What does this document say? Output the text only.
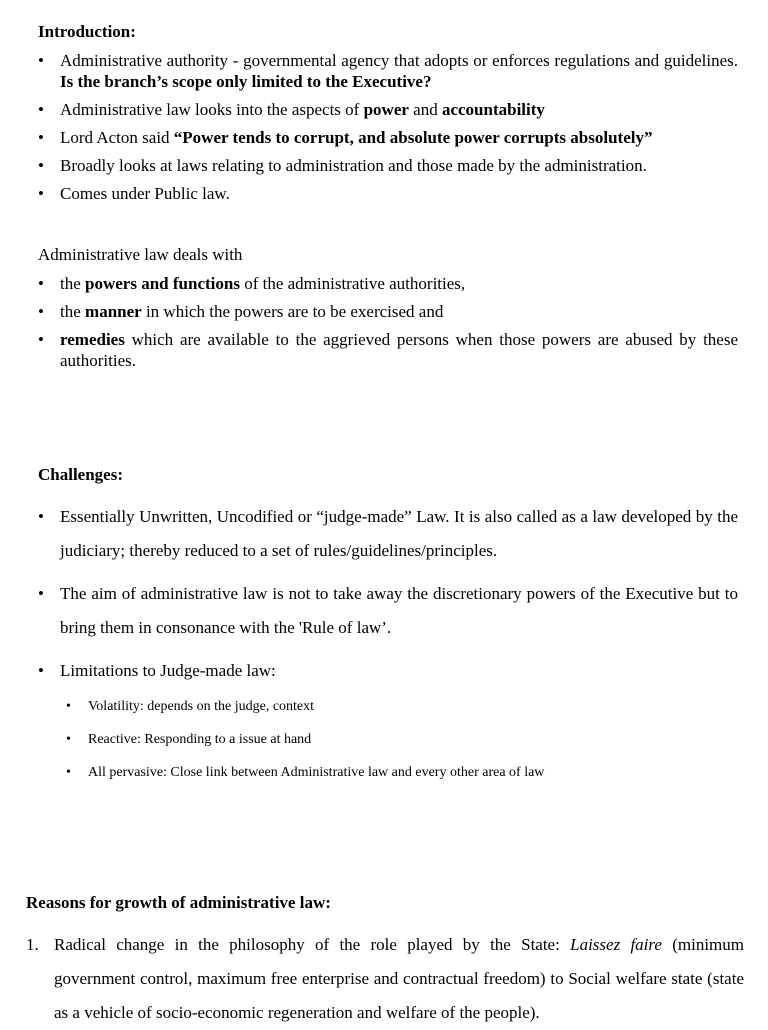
Introduction:

• Administrative authority - governmental agency that adopts or enforces regulations and guidelines. Is the branch’s scope only limited to the Executive?
• Administrative law looks into the aspects of power and accountability
• Lord Acton said “Power tends to corrupt, and absolute power corrupts absolutely”
• Broadly looks at laws relating to administration and those made by the administration.
• Comes under Public law.

Administrative law deals with

• the powers and functions of the administrative authorities,
• the manner in which the powers are to be exercised and
• remedies which are available to the aggrieved persons when those powers are abused by these authorities.

Challenges:

• Essentially Unwritten, Uncodified or “judge-made” Law. It is also called as a law developed by the judiciary; thereby reduced to a set of rules/guidelines/principles.
• The aim of administrative law is not to take away the discretionary powers of the Executive but to bring them in consonance with the 'Rule of law’.
• Limitations to Judge-made law:
• Volatility: depends on the judge, context
• Reactive: Responding to a issue at hand
• All pervasive: Close link between Administrative law and every other area of law

Reasons for growth of administrative law:

1. Radical change in the philosophy of the role played by the State: Laissez faire (minimum government control, maximum free enterprise and contractual freedom) to Social welfare state (state as a vehicle of socio-economic regeneration and welfare of the people).
